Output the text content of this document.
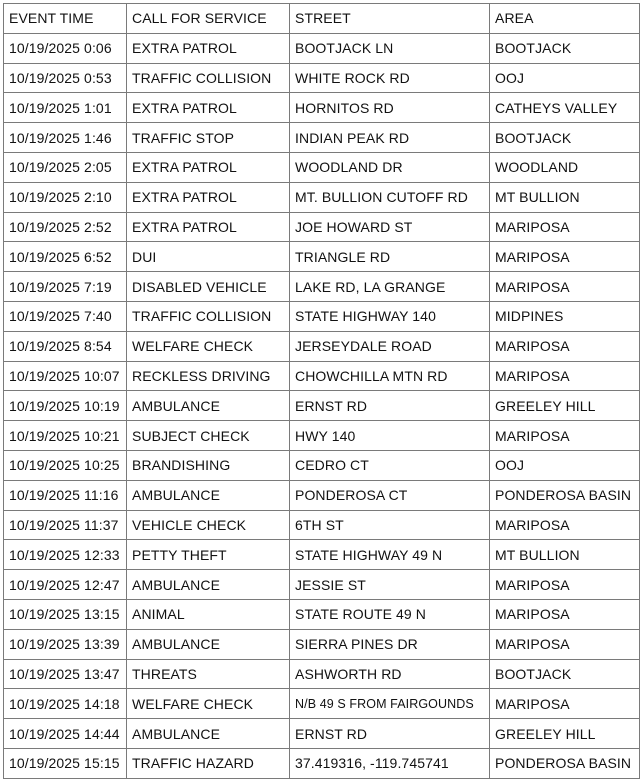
EVENT TIME	CALL FOR SERVICE	STREET	AREA
10/19/2025 0:06	EXTRA PATROL	BOOTJACK LN	BOOTJACK
10/19/2025 0:53	TRAFFIC COLLISION	WHITE ROCK RD	OOJ
10/19/2025 1:01	EXTRA PATROL	HORNITOS RD	CATHEYS VALLEY
10/19/2025 1:46	TRAFFIC STOP	INDIAN PEAK RD	BOOTJACK
10/19/2025 2:05	EXTRA PATROL	WOODLAND DR	WOODLAND
10/19/2025 2:10	EXTRA PATROL	MT. BULLION CUTOFF RD	MT BULLION
10/19/2025 2:52	EXTRA PATROL	JOE HOWARD ST	MARIPOSA
10/19/2025 6:52	DUI	TRIANGLE RD	MARIPOSA
10/19/2025 7:19	DISABLED VEHICLE	LAKE RD, LA GRANGE	MARIPOSA
10/19/2025 7:40	TRAFFIC COLLISION	STATE HIGHWAY 140	MIDPINES
10/19/2025 8:54	WELFARE CHECK	JERSEYDALE ROAD	MARIPOSA
10/19/2025 10:07	RECKLESS DRIVING	CHOWCHILLA MTN RD	MARIPOSA
10/19/2025 10:19	AMBULANCE	ERNST RD	GREELEY HILL
10/19/2025 10:21	SUBJECT CHECK	HWY 140	MARIPOSA
10/19/2025 10:25	BRANDISHING	CEDRO CT	OOJ
10/19/2025 11:16	AMBULANCE	PONDEROSA CT	PONDEROSA BASIN
10/19/2025 11:37	VEHICLE CHECK	6TH ST	MARIPOSA
10/19/2025 12:33	PETTY THEFT	STATE HIGHWAY 49 N	MT BULLION
10/19/2025 12:47	AMBULANCE	JESSIE ST	MARIPOSA
10/19/2025 13:15	ANIMAL	STATE ROUTE 49 N	MARIPOSA
10/19/2025 13:39	AMBULANCE	SIERRA PINES DR	MARIPOSA
10/19/2025 13:47	THREATS	ASHWORTH RD	BOOTJACK
10/19/2025 14:18	WELFARE CHECK	N/B 49 S FROM FAIRGOUNDS	MARIPOSA
10/19/2025 14:44	AMBULANCE	ERNST RD	GREELEY HILL
10/19/2025 15:15	TRAFFIC HAZARD	37.419316, -119.745741	PONDEROSA BASIN
